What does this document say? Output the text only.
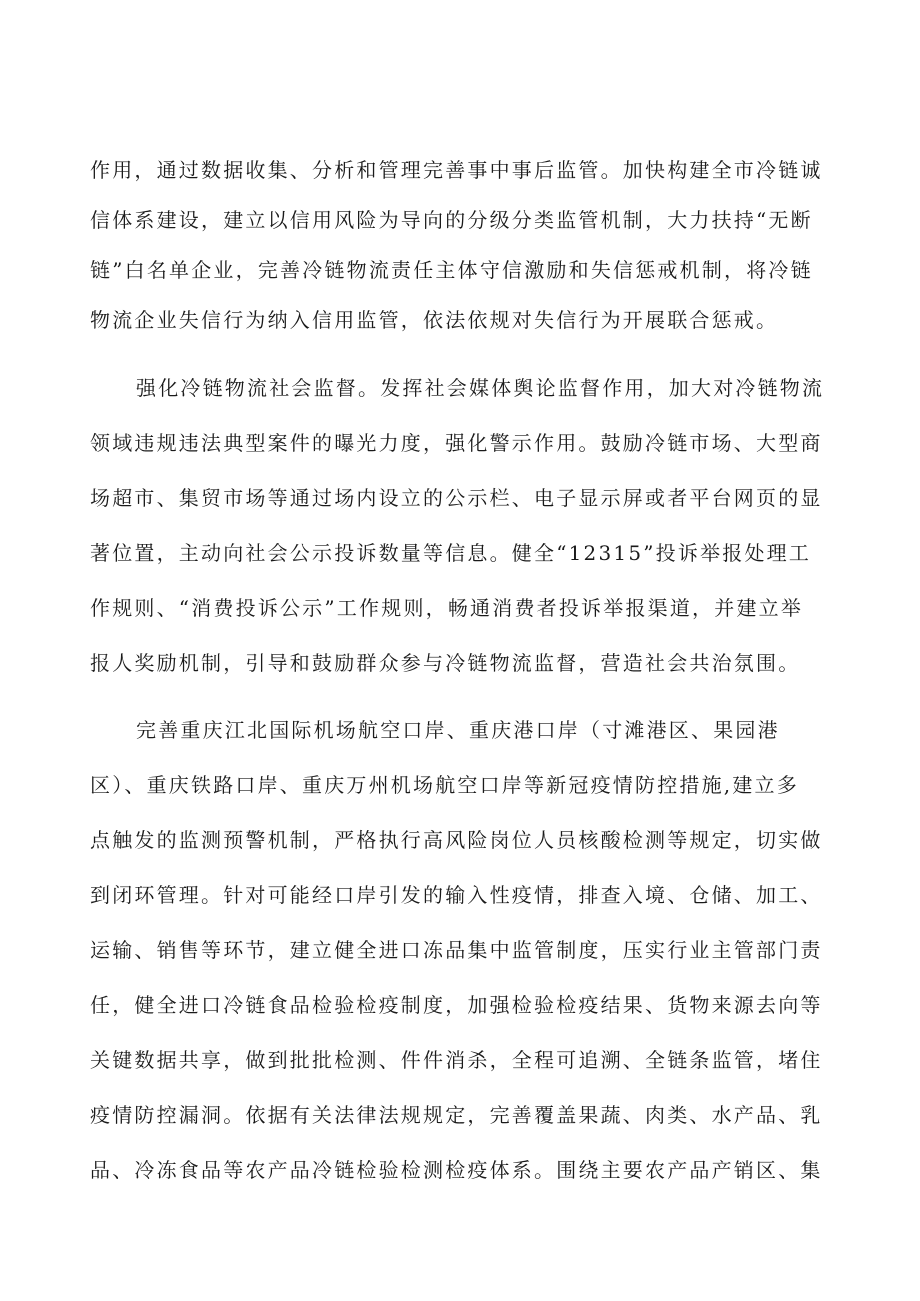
作用，通过数据收集、分析和管理完善事中事后监管。加快构建全市冷链诚

信体系建设，建立以信用风险为导向的分级分类监管机制，大力扶持“无断

链”白名单企业，完善冷链物流责任主体守信激励和失信惩戒机制，将冷链

物流企业失信行为纳入信用监管，依法依规对失信行为开展联合惩戒。

强化冷链物流社会监督。发挥社会媒体舆论监督作用，加大对冷链物流

领域违规违法典型案件的曝光力度，强化警示作用。鼓励冷链市场、大型商

场超市、集贸市场等通过场内设立的公示栏、电子显示屏或者平台网页的显

著位置，主动向社会公示投诉数量等信息。健全“12315”投诉举报处理工

作规则、“消费投诉公示”工作规则，畅通消费者投诉举报渠道，并建立举

报人奖励机制，引导和鼓励群众参与冷链物流监督，营造社会共治氛围。

完善重庆江北国际机场航空口岸、重庆港口岸（寸滩港区、果园港

区）、重庆铁路口岸、重庆万州机场航空口岸等新冠疫情防控措施,建立多

点触发的监测预警机制，严格执行高风险岗位人员核酸检测等规定，切实做

到闭环管理。针对可能经口岸引发的输入性疫情，排查入境、仓储、加工、

运输、销售等环节，建立健全进口冻品集中监管制度，压实行业主管部门责

任，健全进口冷链食品检验检疫制度，加强检验检疫结果、货物来源去向等

关键数据共享，做到批批检测、件件消杀，全程可追溯、全链条监管，堵住

疫情防控漏洞。依据有关法律法规规定，完善覆盖果蔬、肉类、水产品、乳

品、冷冻食品等农产品冷链检验检测检疫体系。围绕主要农产品产销区、集
